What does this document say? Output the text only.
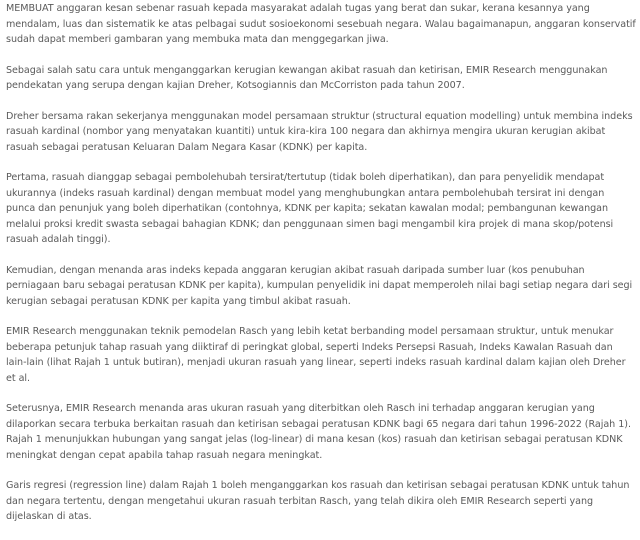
MEMBUAT anggaran kesan sebenar rasuah kepada masyarakat adalah tugas yang berat dan sukar, kerana kesannya yang mendalam, luas dan sistematik ke atas pelbagai sudut sosioekonomi sesebuah negara. Walau bagaimanapun, anggaran konservatif sudah dapat memberi gambaran yang membuka mata dan menggegarkan jiwa.

Sebagai salah satu cara untuk menganggarkan kerugian kewangan akibat rasuah dan ketirisan, EMIR Research menggunakan pendekatan yang serupa dengan kajian Dreher, Kotsogiannis dan McCorriston pada tahun 2007.

Dreher bersama rakan sekerjanya menggunakan model persamaan struktur (structural equation modelling) untuk membina indeks rasuah kardinal (nombor yang menyatakan kuantiti) untuk kira-kira 100 negara dan akhirnya mengira ukuran kerugian akibat rasuah sebagai peratusan Keluaran Dalam Negara Kasar (KDNK) per kapita.

Pertama, rasuah dianggap sebagai pembolehubah tersirat/tertutup (tidak boleh diperhatikan), dan para penyelidik mendapat ukurannya (indeks rasuah kardinal) dengan membuat model yang menghubungkan antara pembolehubah tersirat ini dengan punca dan penunjuk yang boleh diperhatikan (contohnya, KDNK per kapita; sekatan kawalan modal; pembangunan kewangan melalui proksi kredit swasta sebagai bahagian KDNK; dan penggunaan simen bagi mengambil kira projek di mana skop/potensi rasuah adalah tinggi).

Kemudian, dengan menanda aras indeks kepada anggaran kerugian akibat rasuah daripada sumber luar (kos penubuhan perniagaan baru sebagai peratusan KDNK per kapita), kumpulan penyelidik ini dapat memperoleh nilai bagi setiap negara dari segi kerugian sebagai peratusan KDNK per kapita yang timbul akibat rasuah.

EMIR Research menggunakan teknik pemodelan Rasch yang lebih ketat berbanding model persamaan struktur, untuk menukar beberapa petunjuk tahap rasuah yang diiktiraf di peringkat global, seperti Indeks Persepsi Rasuah, Indeks Kawalan Rasuah dan lain-lain (lihat Rajah 1 untuk butiran), menjadi ukuran rasuah yang linear, seperti indeks rasuah kardinal dalam kajian oleh Dreher et al.

Seterusnya, EMIR Research menanda aras ukuran rasuah yang diterbitkan oleh Rasch ini terhadap anggaran kerugian yang dilaporkan secara terbuka berkaitan rasuah dan ketirisan sebagai peratusan KDNK bagi 65 negara dari tahun 1996-2022 (Rajah 1). Rajah 1 menunjukkan hubungan yang sangat jelas (log-linear) di mana kesan (kos) rasuah dan ketirisan sebagai peratusan KDNK meningkat dengan cepat apabila tahap rasuah negara meningkat.

Garis regresi (regression line) dalam Rajah 1 boleh menganggarkan kos rasuah dan ketirisan sebagai peratusan KDNK untuk tahun dan negara tertentu, dengan mengetahui ukuran rasuah terbitan Rasch, yang telah dikira oleh EMIR Research seperti yang dijelaskan di atas.
